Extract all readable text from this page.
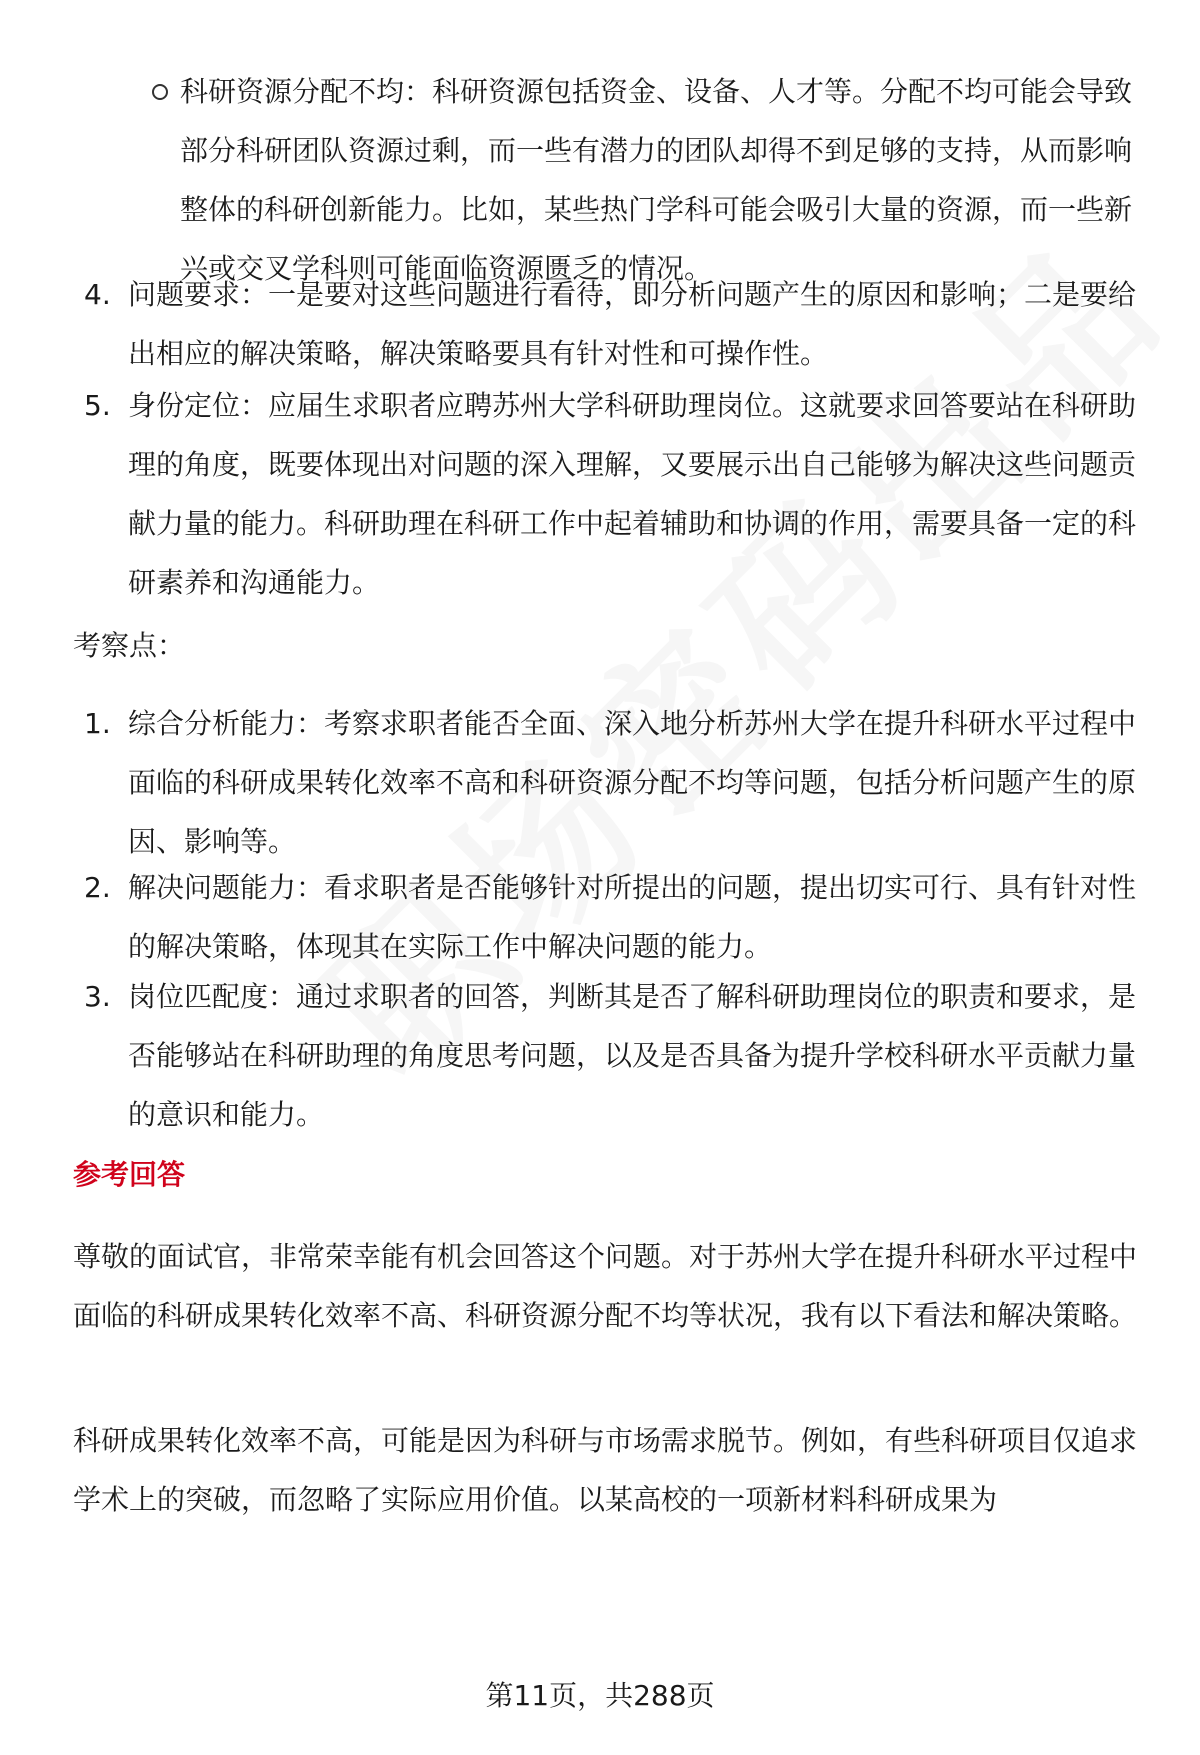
科研资源分配不均：科研资源包括资金、设备、人才等。分配不均可能会导致部分科研团队资源过剩，而一些有潜力的团队却得不到足够的支持，从而影响整体的科研创新能力。比如，某些热门学科可能会吸引大量的资源，而一些新兴或交叉学科则可能面临资源匮乏的情况。
4. 问题要求：一是要对这些问题进行看待，即分析问题产生的原因和影响；二是要给出相应的解决策略，解决策略要具有针对性和可操作性。
5. 身份定位：应届生求职者应聘苏州大学科研助理岗位。这就要求回答要站在科研助理的角度，既要体现出对问题的深入理解，又要展示出自己能够为解决这些问题贡献力量的能力。科研助理在科研工作中起着辅助和协调的作用，需要具备一定的科研素养和沟通能力。
考察点：
1. 综合分析能力：考察求职者能否全面、深入地分析苏州大学在提升科研水平过程中面临的科研成果转化效率不高和科研资源分配不均等问题，包括分析问题产生的原因、影响等。
2. 解决问题能力：看求职者是否能够针对所提出的问题，提出切实可行、具有针对性的解决策略，体现其在实际工作中解决问题的能力。
3. 岗位匹配度：通过求职者的回答，判断其是否了解科研助理岗位的职责和要求，是否能够站在科研助理的角度思考问题，以及是否具备为提升学校科研水平贡献力量的意识和能力。
参考回答
尊敬的面试官，非常荣幸能有机会回答这个问题。对于苏州大学在提升科研水平过程中面临的科研成果转化效率不高、科研资源分配不均等状况，我有以下看法和解决策略。
科研成果转化效率不高，可能是因为科研与市场需求脱节。例如，有些科研项目仅追求学术上的突破，而忽略了实际应用价值。以某高校的一项新材料科研成果为
第11页，共288页
